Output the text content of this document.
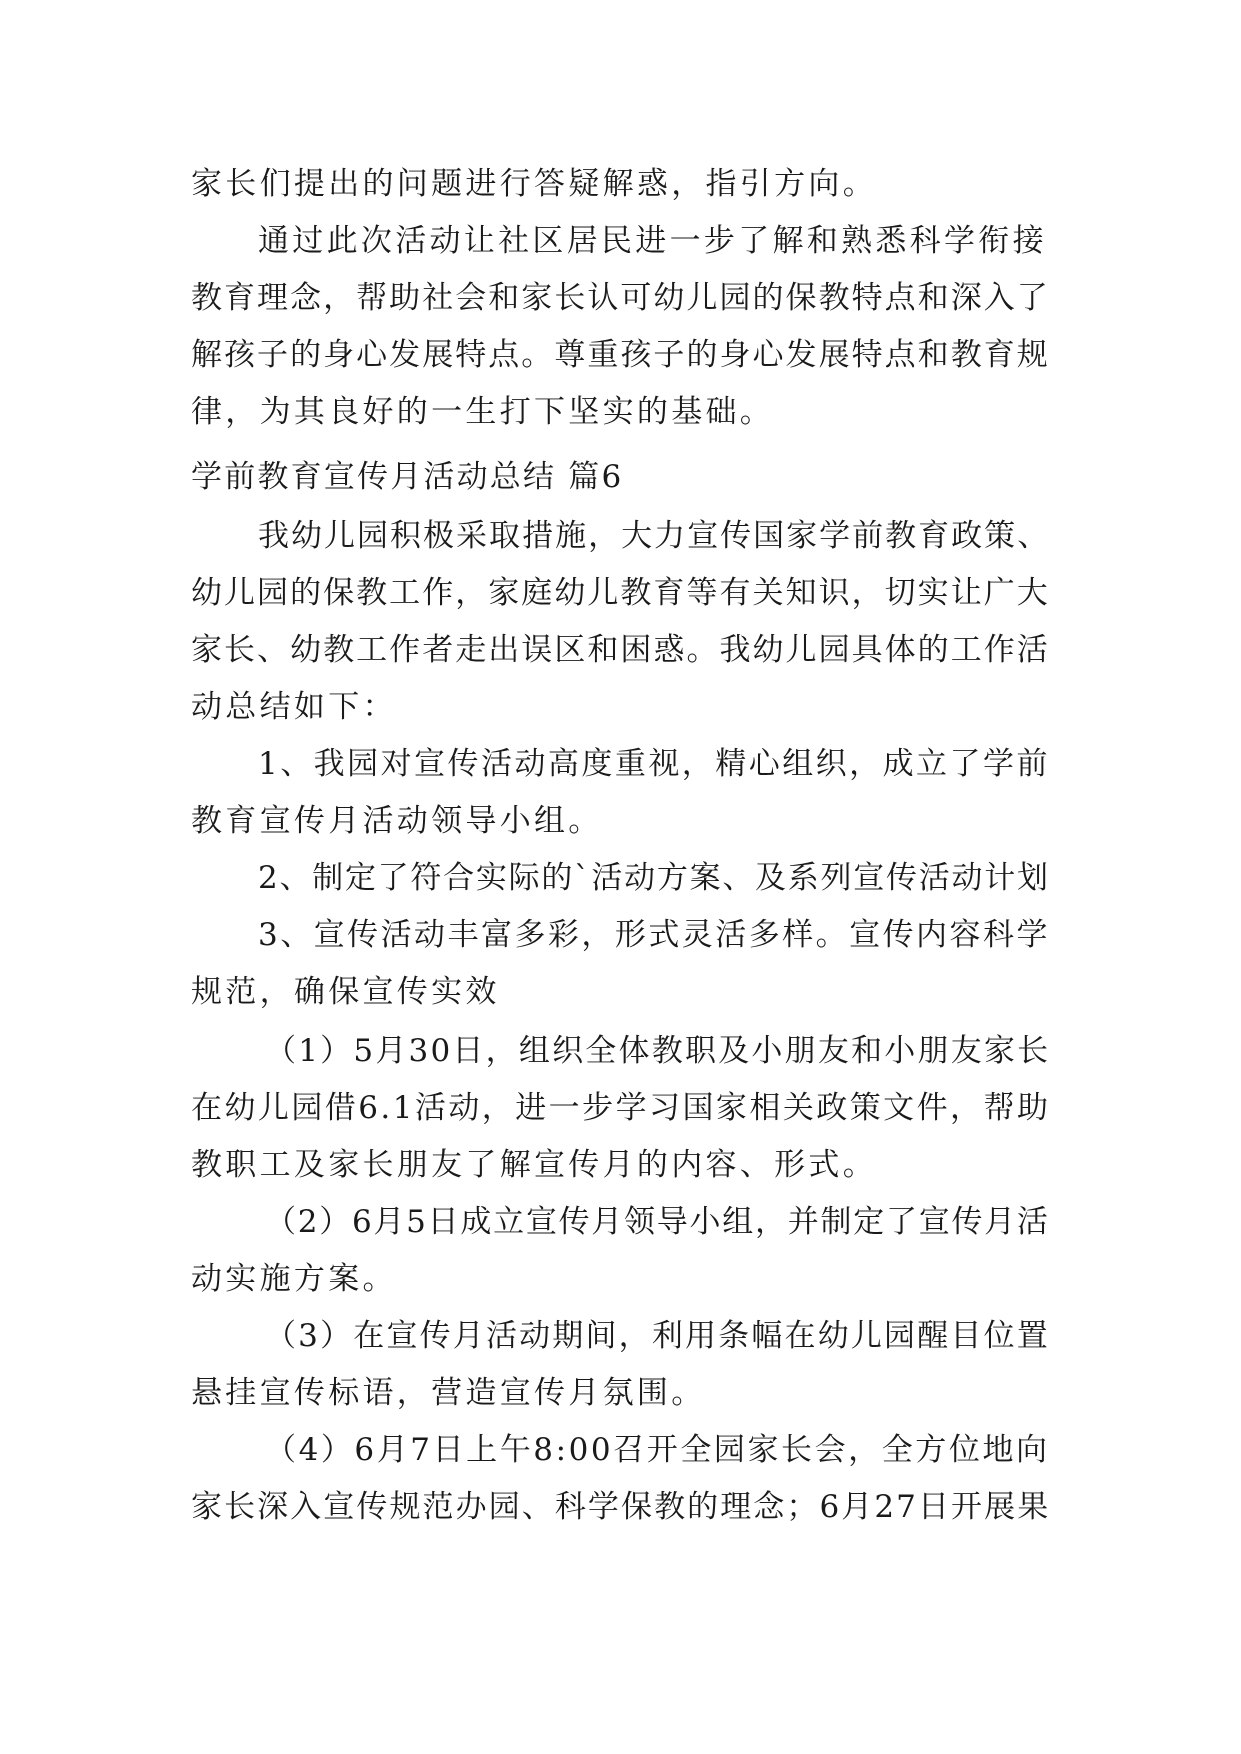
家长们提出的问题进行答疑解惑，指引方向。
通过此次活动让社区居民进一步了解和熟悉科学衔接
教育理念，帮助社会和家长认可幼儿园的保教特点和深入了
解孩子的身心发展特点。尊重孩子的身心发展特点和教育规
律，为其良好的一生打下坚实的基础。
学前教育宣传月活动总结 篇6
我幼儿园积极采取措施，大力宣传国家学前教育政策、
幼儿园的保教工作，家庭幼儿教育等有关知识，切实让广大
家长、幼教工作者走出误区和困惑。我幼儿园具体的工作活
动总结如下：
1、我园对宣传活动高度重视，精心组织，成立了学前
教育宣传月活动领导小组。
2、制定了符合实际的`活动方案、及系列宣传活动计划
3、宣传活动丰富多彩，形式灵活多样。宣传内容科学
规范，确保宣传实效
（1）5月30日，组织全体教职及小朋友和小朋友家长
在幼儿园借6.1活动，进一步学习国家相关政策文件，帮助
教职工及家长朋友了解宣传月的内容、形式。
（2）6月5日成立宣传月领导小组，并制定了宣传月活
动实施方案。
（3）在宣传月活动期间，利用条幅在幼儿园醒目位置
悬挂宣传标语，营造宣传月氛围。
（4）6月7日上午8:00召开全园家长会，全方位地向
家长深入宣传规范办园、科学保教的理念；6月27日开展果
